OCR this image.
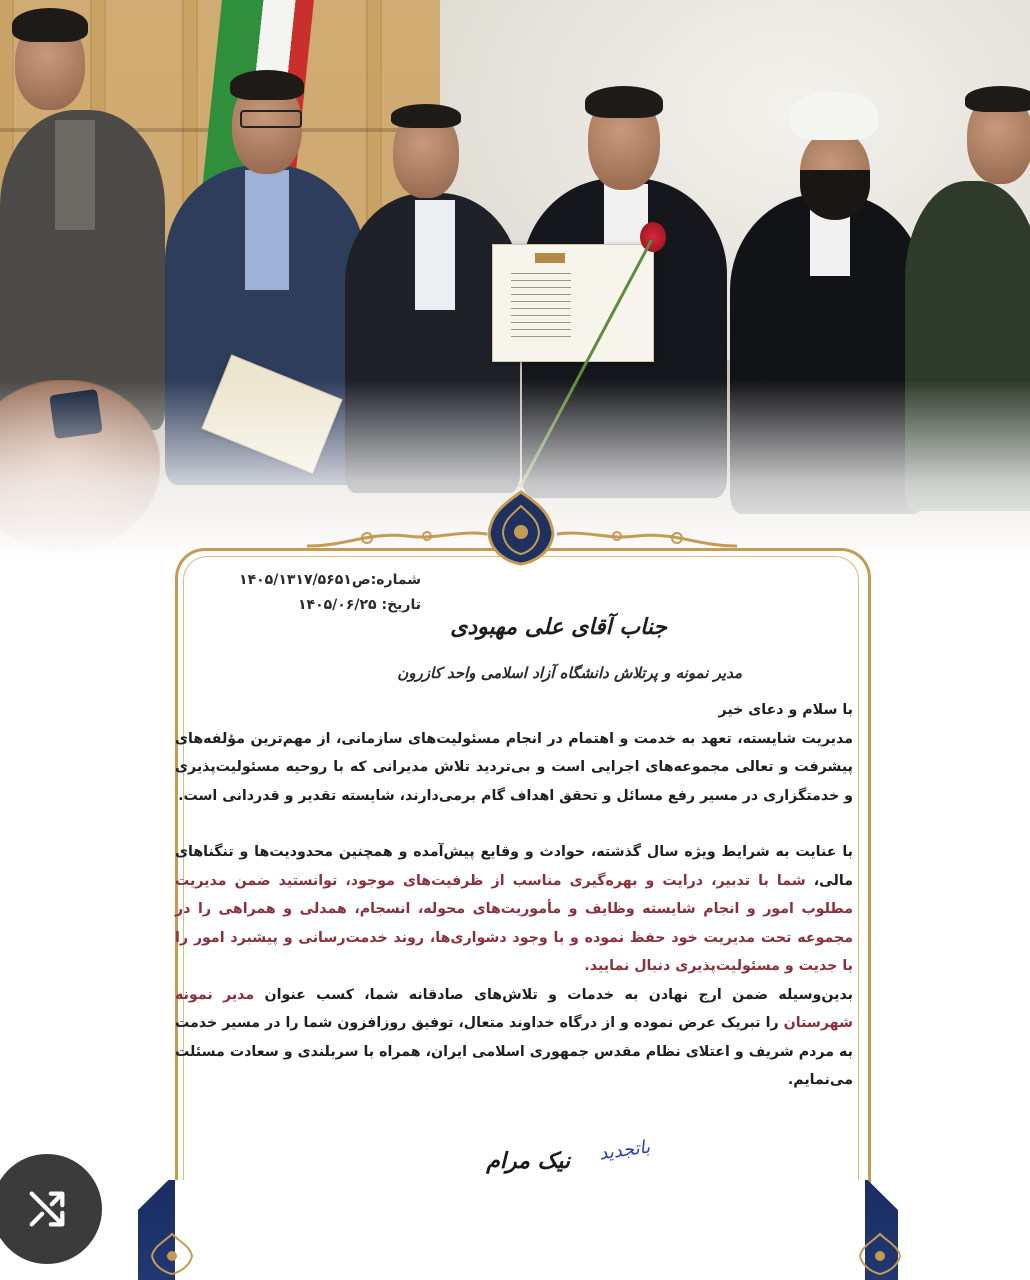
شماره:ص۱۴۰۵/۱۳۱۷/۵۶۵۱
تاریخ: ۱۴۰۵/۰۶/۲۵
جناب آقای علی مهبودی
مدیر نمونه و پرتلاش دانشگاه آزاد اسلامی واحد کازرون

با سلام و دعای خیر

مدیریت شایسته، تعهد به خدمت و اهتمام در انجام مسئولیت‌های سازمانی، از مهم‌ترین مؤلفه‌های پیشرفت و تعالی مجموعه‌های اجرایی است و بی‌تردید تلاش مدیرانی که با روحیه مسئولیت‌پذیری و خدمتگزاری در مسیر رفع مسائل و تحقق اهداف گام برمی‌دارند، شایسته تقدیر و قدردانی است.

با عنایت به شرایط ویژه سال گذشته، حوادث و وقایع پیش‌آمده و همچنین محدودیت‌ها و تنگناهای مالی، شما با تدبیر، درایت و بهره‌گیری مناسب از ظرفیت‌های موجود، توانستید ضمن مدیریت مطلوب امور و انجام شایسته وظایف و مأموریت‌های محوله، انسجام، همدلی و همراهی را در مجموعه تحت مدیریت خود حفظ نموده و با وجود دشواری‌ها، روند خدمت‌رسانی و پیشبرد امور را با جدیت و مسئولیت‌پذیری دنبال نمایید.

بدین‌وسیله ضمن ارج نهادن به خدمات و تلاش‌های صادقانه شما، کسب عنوان مدیر نمونه شهرستان را تبریک عرض نموده و از درگاه خداوند متعال، توفیق روزافزون شما را در مسیر خدمت به مردم شریف و اعتلای نظام مقدس جمهوری اسلامی ایران، همراه با سربلندی و سعادت مسئلت می‌نمایم.

باتجدید
نیک مرام
